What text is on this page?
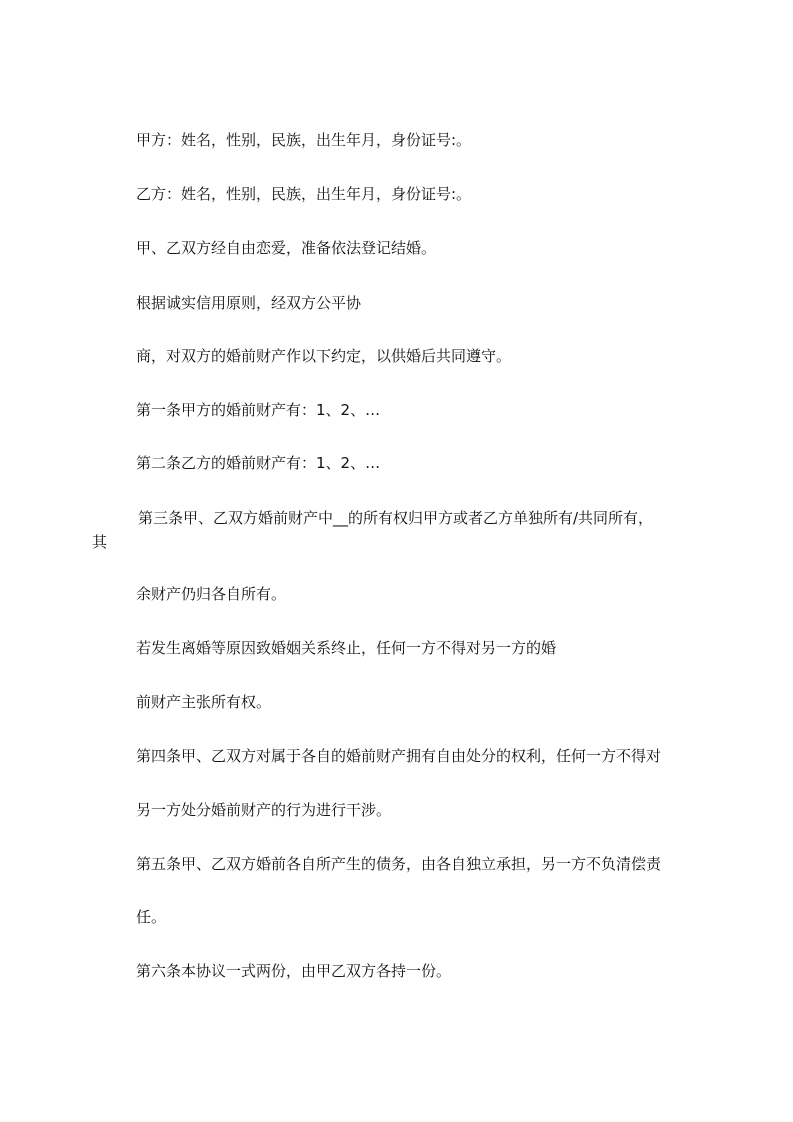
甲方：姓名，性别，民族，出生年月，身份证号:。

乙方：姓名，性别，民族，出生年月，身份证号:。

甲、乙双方经自由恋爱，准备依法登记结婚。

根据诚实信用原则，经双方公平协

商，对双方的婚前财产作以下约定，以供婚后共同遵守。

第一条甲方的婚前财产有：1、2、…

第二条乙方的婚前财产有：1、2、…

第三条甲、乙双方婚前财产中__的所有权归甲方或者乙方单独所有/共同所有，

其

余财产仍归各自所有。

若发生离婚等原因致婚姻关系终止，任何一方不得对另一方的婚

前财产主张所有权。

第四条甲、乙双方对属于各自的婚前财产拥有自由处分的权利，任何一方不得对

另一方处分婚前财产的行为进行干涉。

第五条甲、乙双方婚前各自所产生的债务，由各自独立承担，另一方不负清偿责

任。

第六条本协议一式两份，由甲乙双方各持一份。
